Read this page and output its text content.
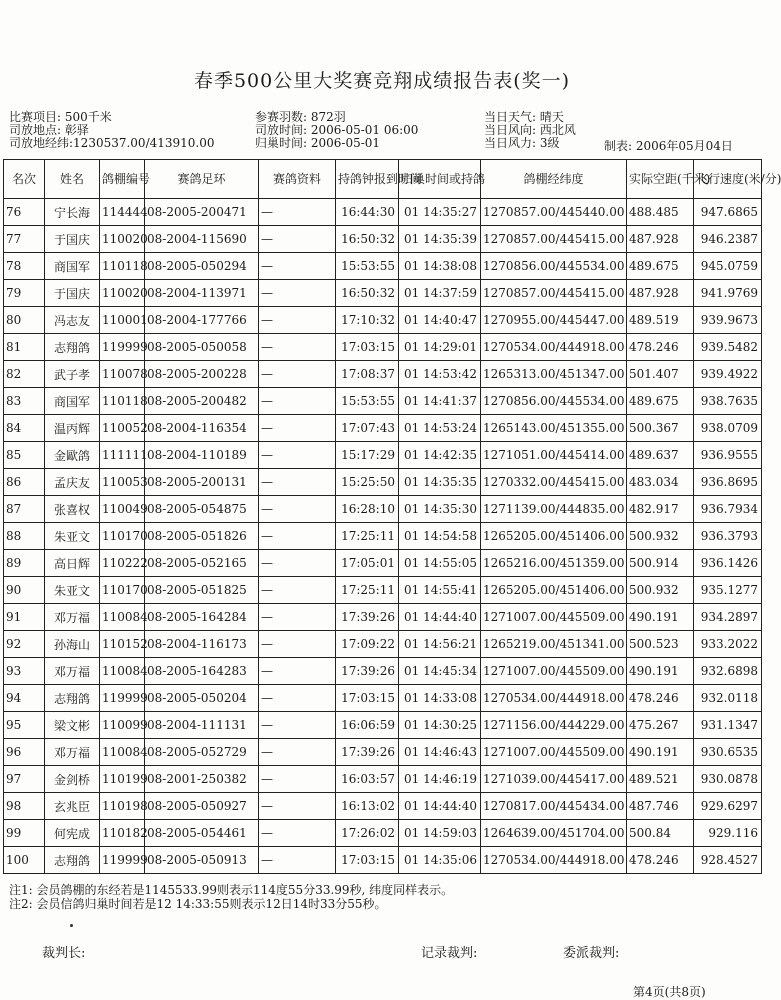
春季500公里大奖赛竞翔成绩报告表(奖一)
比赛项目: 500千米
司放地点: 彰驿
司放地经纬:1230537.00/413910.00
参赛羽数: 872羽
司放时间: 2006-05-01 06:00
归巢时间: 2006-05-01
当日天气: 晴天
当日风向: 西北风
当日风力: 3级	制表: 2006年05月04日
名次	姓名	鸽棚编号	赛鸽足环	赛鸽资料	持鸽钟报到时间	归巢时间或持鸽	鸽棚经纬度	实际空距(千米)	飞行速度(米/分)
76	宁长海	114444	08-2005-200471	—	16:44:30	01 14:35:27	1270857.00/445440.00	488.485	947.6865
77	于国庆	110020	08-2004-115690	—	16:50:32	01 14:35:39	1270857.00/445415.00	487.928	946.2387
78	商国军	110118	08-2005-050294	—	15:53:55	01 14:38:08	1270856.00/445534.00	489.675	945.0759
79	于国庆	110020	08-2004-113971	—	16:50:32	01 14:37:59	1270857.00/445415.00	487.928	941.9769
80	冯志友	110001	08-2004-177766	—	17:10:32	01 14:40:47	1270955.00/445447.00	489.519	939.9673
81	志翔鸽	119999	08-2005-050058	—	17:03:15	01 14:29:01	1270534.00/444918.00	478.246	939.5482
82	武子孝	110078	08-2005-200228	—	17:08:37	01 14:53:42	1265313.00/451347.00	501.407	939.4922
83	商国军	110118	08-2005-200482	—	15:53:55	01 14:41:37	1270856.00/445534.00	489.675	938.7635
84	温丙辉	110052	08-2004-116354	—	17:07:43	01 14:53:24	1265143.00/451355.00	500.367	938.0709
85	金歐鸽	111111	08-2004-110189	—	15:17:29	01 14:42:35	1271051.00/445414.00	489.637	936.9555
86	孟庆友	110053	08-2005-200131	—	15:25:50	01 14:35:35	1270332.00/445415.00	483.034	936.8695
87	张喜权	110049	08-2005-054875	—	16:28:10	01 14:35:30	1271139.00/444835.00	482.917	936.7934
88	朱亚文	110170	08-2005-051826	—	17:25:11	01 14:54:58	1265205.00/451406.00	500.932	936.3793
89	高日辉	110222	08-2005-052165	—	17:05:01	01 14:55:05	1265216.00/451359.00	500.914	936.1426
90	朱亚文	110170	08-2005-051825	—	17:25:11	01 14:55:41	1265205.00/451406.00	500.932	935.1277
91	邓万福	110084	08-2005-164284	—	17:39:26	01 14:44:40	1271007.00/445509.00	490.191	934.2897
92	孙海山	110152	08-2004-116173	—	17:09:22	01 14:56:21	1265219.00/451341.00	500.523	933.2022
93	邓万福	110084	08-2005-164283	—	17:39:26	01 14:45:34	1271007.00/445509.00	490.191	932.6898
94	志翔鸽	119999	08-2005-050204	—	17:03:15	01 14:33:08	1270534.00/444918.00	478.246	932.0118
95	梁文彬	110099	08-2004-111131	—	16:06:59	01 14:30:25	1271156.00/444229.00	475.267	931.1347
96	邓万福	110084	08-2005-052729	—	17:39:26	01 14:46:43	1271007.00/445509.00	490.191	930.6535
97	金剑桥	110199	08-2001-250382	—	16:03:57	01 14:46:19	1271039.00/445417.00	489.521	930.0878
98	玄兆臣	110198	08-2005-050927	—	16:13:02	01 14:44:40	1270817.00/445434.00	487.746	929.6297
99	何宪成	110182	08-2005-054461	—	17:26:02	01 14:59:03	1264639.00/451704.00	500.84	929.116
100	志翔鸽	119999	08-2005-050913	—	17:03:15	01 14:35:06	1270534.00/444918.00	478.246	928.4527
注1: 会员鸽棚的东经若是1145533.99则表示114度55分33.99秒, 纬度同样表示。
注2: 会员信鸽归巢时间若是12 14:33:55则表示12日14时33分55秒。
裁判长:	记录裁判:	委派裁判:
第4页(共8页)
